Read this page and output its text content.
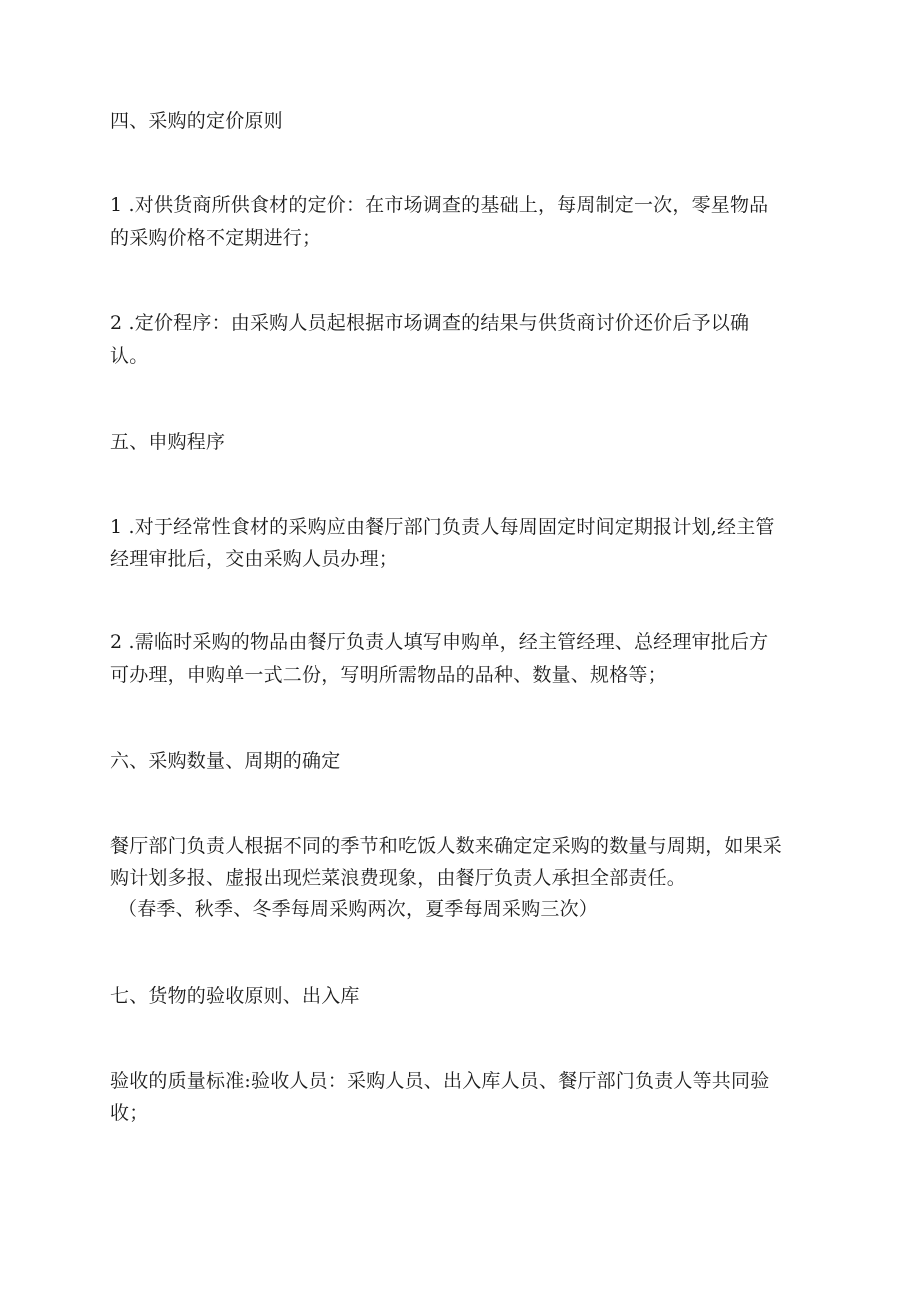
四、采购的定价原则
1 .对供货商所供食材的定价：在市场调查的基础上，每周制定一次，零星物品
的采购价格不定期进行；
2 .定价程序：由采购人员起根据市场调查的结果与供货商讨价还价后予以确
认。
五、申购程序
1 .对于经常性食材的采购应由餐厅部门负责人每周固定时间定期报计划,经主管
经理审批后，交由采购人员办理；
2 .需临时采购的物品由餐厅负责人填写申购单，经主管经理、总经理审批后方
可办理，申购单一式二份，写明所需物品的品种、数量、规格等；
六、采购数量、周期的确定
餐厅部门负责人根据不同的季节和吃饭人数来确定定采购的数量与周期，如果采
购计划多报、虚报出现烂菜浪费现象，由餐厅负责人承担全部责任。
（春季、秋季、冬季每周采购两次，夏季每周采购三次）
七、货物的验收原则、出入库
验收的质量标准:验收人员：采购人员、出入库人员、餐厅部门负责人等共同验
收；
